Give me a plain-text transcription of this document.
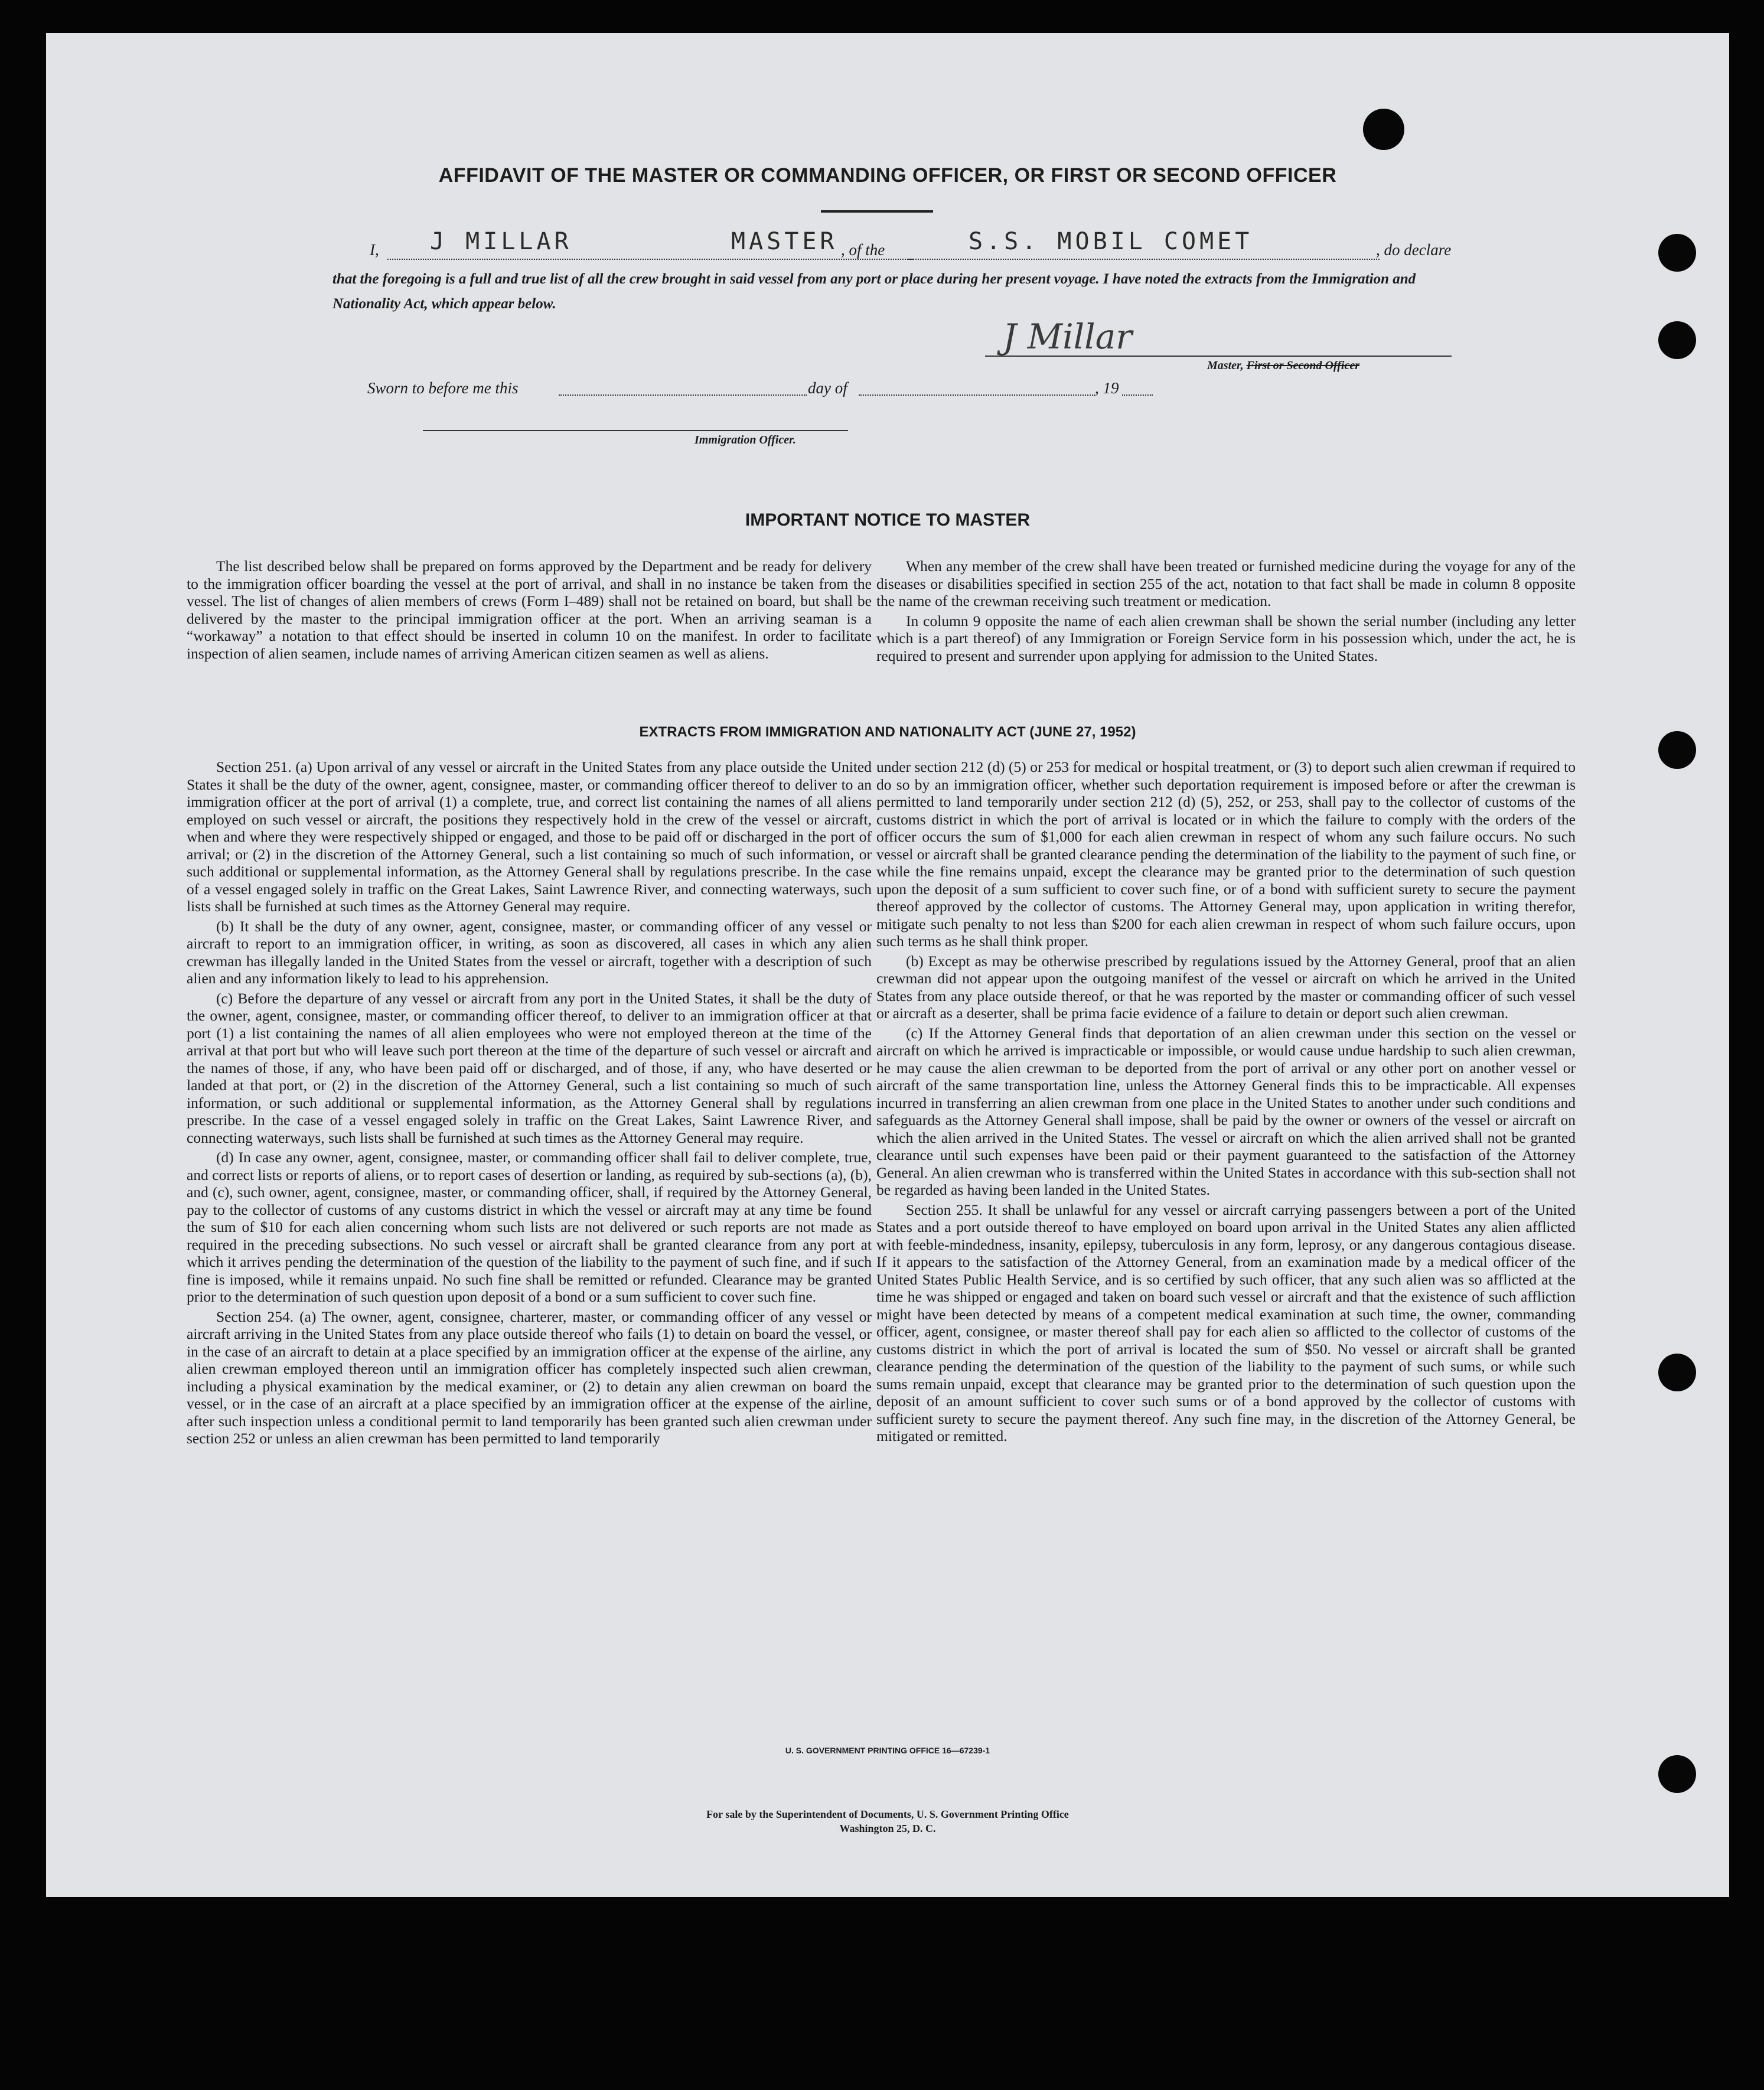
AFFIDAVIT OF THE MASTER OR COMMANDING OFFICER, OR FIRST OR SECOND OFFICER
I, J MILLAR	MASTER , of the	S.S. MOBIL COMET	, do declare
that the foregoing is a full and true list of all the crew brought in said vessel from any port or place during her present voyage. I have noted the extracts from the Immigration and Nationality Act, which appear below.
J Millar
Master, First or Second Officer
Sworn to before me this	day of	, 19
Immigration Officer.
IMPORTANT NOTICE TO MASTER

The list described below shall be prepared on forms approved by the Department and be ready for delivery to the immigration officer boarding the vessel at the port of arrival, and shall in no instance be taken from the vessel. The list of changes of alien members of crews (Form I–489) shall not be retained on board, but shall be delivered by the master to the principal immigration officer at the port. When an arriving seaman is a “workaway” a notation to that effect should be inserted in column 10 on the manifest. In order to facilitate inspection of alien seamen, include names of arriving American citizen seamen as well as aliens.

When any member of the crew shall have been treated or furnished medicine during the voyage for any of the diseases or disabilities specified in section 255 of the act, notation to that fact shall be made in column 8 opposite the name of the crewman receiving such treatment or medication.

In column 9 opposite the name of each alien crewman shall be shown the serial number (including any letter which is a part thereof) of any Immigration or Foreign Service form in his possession which, under the act, he is required to present and surrender upon applying for admission to the United States.

EXTRACTS FROM IMMIGRATION AND NATIONALITY ACT (JUNE 27, 1952)

Section 251. (a) Upon arrival of any vessel or aircraft in the United States from any place outside the United States it shall be the duty of the owner, agent, consignee, master, or commanding officer thereof to deliver to an immigration officer at the port of arrival (1) a complete, true, and correct list containing the names of all aliens employed on such vessel or aircraft, the positions they respectively hold in the crew of the vessel or aircraft, when and where they were respectively shipped or engaged, and those to be paid off or discharged in the port of arrival; or (2) in the discretion of the Attorney General, such a list containing so much of such information, or such additional or supplemental information, as the Attorney General shall by regulations prescribe. In the case of a vessel engaged solely in traffic on the Great Lakes, Saint Lawrence River, and connecting waterways, such lists shall be furnished at such times as the Attorney General may require.

(b) It shall be the duty of any owner, agent, consignee, master, or commanding officer of any vessel or aircraft to report to an immigration officer, in writing, as soon as discovered, all cases in which any alien crewman has illegally landed in the United States from the vessel or aircraft, together with a description of such alien and any information likely to lead to his apprehension.

(c) Before the departure of any vessel or aircraft from any port in the United States, it shall be the duty of the owner, agent, consignee, master, or commanding officer thereof, to deliver to an immigration officer at that port (1) a list containing the names of all alien employees who were not employed thereon at the time of the arrival at that port but who will leave such port thereon at the time of the departure of such vessel or aircraft and the names of those, if any, who have been paid off or discharged, and of those, if any, who have deserted or landed at that port, or (2) in the discretion of the Attorney General, such a list containing so much of such information, or such additional or supplemental information, as the Attorney General shall by regulations prescribe. In the case of a vessel engaged solely in traffic on the Great Lakes, Saint Lawrence River, and connecting waterways, such lists shall be furnished at such times as the Attorney General may require.

(d) In case any owner, agent, consignee, master, or commanding officer shall fail to deliver complete, true, and correct lists or reports of aliens, or to report cases of desertion or landing, as required by sub-sections (a), (b), and (c), such owner, agent, consignee, master, or commanding officer, shall, if required by the Attorney General, pay to the collector of customs of any customs district in which the vessel or aircraft may at any time be found the sum of $10 for each alien concerning whom such lists are not delivered or such reports are not made as required in the preceding subsections. No such vessel or aircraft shall be granted clearance from any port at which it arrives pending the determination of the question of the liability to the payment of such fine, and if such fine is imposed, while it remains unpaid. No such fine shall be remitted or refunded. Clearance may be granted prior to the determination of such question upon deposit of a bond or a sum sufficient to cover such fine.

Section 254. (a) The owner, agent, consignee, charterer, master, or commanding officer of any vessel or aircraft arriving in the United States from any place outside thereof who fails (1) to detain on board the vessel, or in the case of an aircraft to detain at a place specified by an immigration officer at the expense of the airline, any alien crewman employed thereon until an immigration officer has completely inspected such alien crewman, including a physical examination by the medical examiner, or (2) to detain any alien crewman on board the vessel, or in the case of an aircraft at a place specified by an immigration officer at the expense of the airline, after such inspection unless a conditional permit to land temporarily has been granted such alien crewman under section 252 or unless an alien crewman has been permitted to land temporarily

under section 212 (d) (5) or 253 for medical or hospital treatment, or (3) to deport such alien crewman if required to do so by an immigration officer, whether such deportation requirement is imposed before or after the crewman is permitted to land temporarily under section 212 (d) (5), 252, or 253, shall pay to the collector of customs of the customs district in which the port of arrival is located or in which the failure to comply with the orders of the officer occurs the sum of $1,000 for each alien crewman in respect of whom any such failure occurs. No such vessel or aircraft shall be granted clearance pending the determination of the liability to the payment of such fine, or while the fine remains unpaid, except the clearance may be granted prior to the determination of such question upon the deposit of a sum sufficient to cover such fine, or of a bond with sufficient surety to secure the payment thereof approved by the collector of customs. The Attorney General may, upon application in writing therefor, mitigate such penalty to not less than $200 for each alien crewman in respect of whom such failure occurs, upon such terms as he shall think proper.

(b) Except as may be otherwise prescribed by regulations issued by the Attorney General, proof that an alien crewman did not appear upon the outgoing manifest of the vessel or aircraft on which he arrived in the United States from any place outside thereof, or that he was reported by the master or commanding officer of such vessel or aircraft as a deserter, shall be prima facie evidence of a failure to detain or deport such alien crewman.

(c) If the Attorney General finds that deportation of an alien crewman under this section on the vessel or aircraft on which he arrived is impracticable or impossible, or would cause undue hardship to such alien crewman, he may cause the alien crewman to be deported from the port of arrival or any other port on another vessel or aircraft of the same transportation line, unless the Attorney General finds this to be impracticable. All expenses incurred in transferring an alien crewman from one place in the United States to another under such conditions and safeguards as the Attorney General shall impose, shall be paid by the owner or owners of the vessel or aircraft on which the alien arrived in the United States. The vessel or aircraft on which the alien arrived shall not be granted clearance until such expenses have been paid or their payment guaranteed to the satisfaction of the Attorney General. An alien crewman who is transferred within the United States in accordance with this sub-section shall not be regarded as having been landed in the United States.

Section 255. It shall be unlawful for any vessel or aircraft carrying passengers between a port of the United States and a port outside thereof to have employed on board upon arrival in the United States any alien afflicted with feeble-mindedness, insanity, epilepsy, tuberculosis in any form, leprosy, or any dangerous contagious disease. If it appears to the satisfaction of the Attorney General, from an examination made by a medical officer of the United States Public Health Service, and is so certified by such officer, that any such alien was so afflicted at the time he was shipped or engaged and taken on board such vessel or aircraft and that the existence of such affliction might have been detected by means of a competent medical examination at such time, the owner, commanding officer, agent, consignee, or master thereof shall pay for each alien so afflicted to the collector of customs of the customs district in which the port of arrival is located the sum of $50. No vessel or aircraft shall be granted clearance pending the determination of the question of the liability to the payment of such sums, or while such sums remain unpaid, except that clearance may be granted prior to the determination of such question upon the deposit of an amount sufficient to cover such sums or of a bond approved by the collector of customs with sufficient surety to secure the payment thereof. Any such fine may, in the discretion of the Attorney General, be mitigated or remitted.

U. S. GOVERNMENT PRINTING OFFICE 16—67239-1
For sale by the Superintendent of Documents, U. S. Government Printing Office
Washington 25, D. C.
